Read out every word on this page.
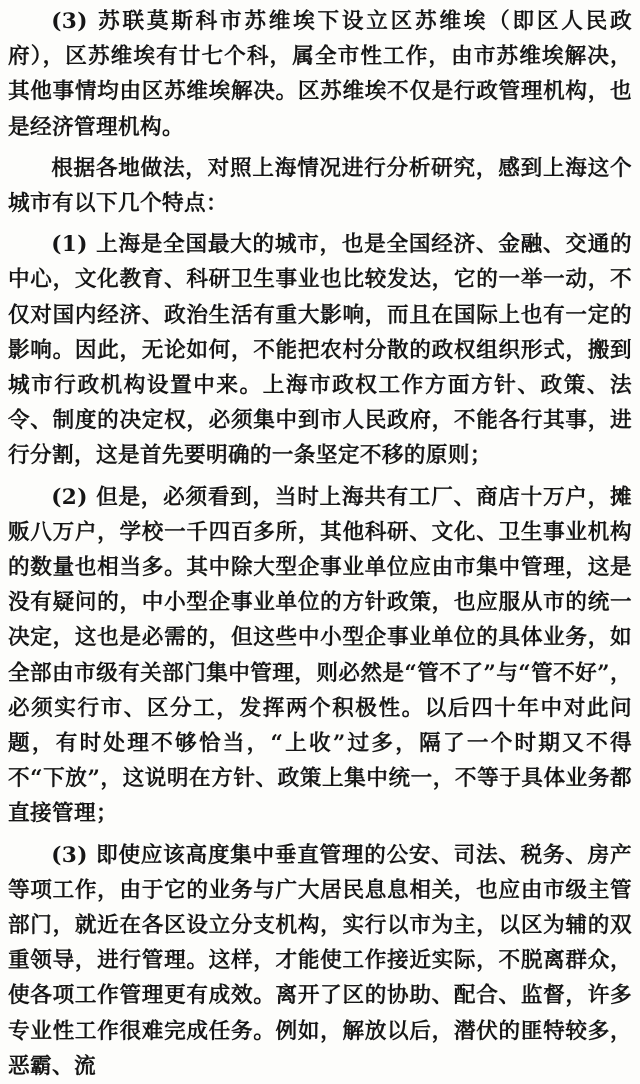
(3) 苏联莫斯科市苏维埃下设立区苏维埃（即区人民政府），区苏维埃有廿七个科，属全市性工作，由市苏维埃解决，其他事情均由区苏维埃解决。区苏维埃不仅是行政管理机构，也是经济管理机构。

根据各地做法，对照上海情况进行分析研究，感到上海这个城市有以下几个特点：

(1) 上海是全国最大的城市，也是全国经济、金融、交通的中心，文化教育、科研卫生事业也比较发达，它的一举一动，不仅对国内经济、政治生活有重大影响，而且在国际上也有一定的影响。因此，无论如何，不能把农村分散的政权组织形式，搬到城市行政机构设置中来。上海市政权工作方面方针、政策、法令、制度的决定权，必须集中到市人民政府，不能各行其事，进行分割，这是首先要明确的一条坚定不移的原则；

(2) 但是，必须看到，当时上海共有工厂、商店十万户，摊贩八万户，学校一千四百多所，其他科研、文化、卫生事业机构的数量也相当多。其中除大型企事业单位应由市集中管理，这是没有疑问的，中小型企事业单位的方针政策，也应服从市的统一决定，这也是必需的，但这些中小型企事业单位的具体业务，如全部由市级有关部门集中管理，则必然是“管不了”与“管不好”，必须实行市、区分工，发挥两个积极性。以后四十年中对此问题，有时处理不够恰当，“上收”过多，隔了一个时期又不得不“下放”，这说明在方针、政策上集中统一，不等于具体业务都直接管理；

(3) 即使应该高度集中垂直管理的公安、司法、税务、房产等项工作，由于它的业务与广大居民息息相关，也应由市级主管部门，就近在各区设立分支机构，实行以市为主，以区为辅的双重领导，进行管理。这样，才能使工作接近实际，不脱离群众，使各项工作管理更有成效。离开了区的协助、配合、监督，许多专业性工作很难完成任务。例如，解放以后，潜伏的匪特较多，恶霸、流
